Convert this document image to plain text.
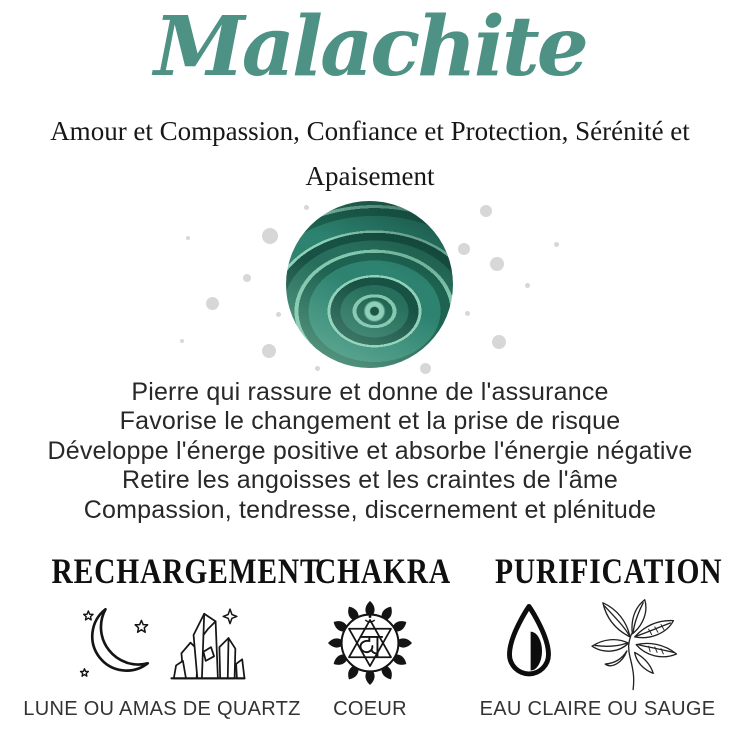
Malachite
Amour et Compassion, Confiance et Protection, Sérénité et
Apaisement
Pierre qui rassure et donne de l'assurance
Favorise le changement et la prise de risque
Développe l'énerge positive et absorbe l'énergie négative
Retire les angoisses et les craintes de l'âme
Compassion, tendresse, discernement et plénitude
RECHARGEMENT
LUNE OU AMAS DE QUARTZ
CHAKRA
COEUR
PURIFICATION
EAU CLAIRE OU SAUGE
